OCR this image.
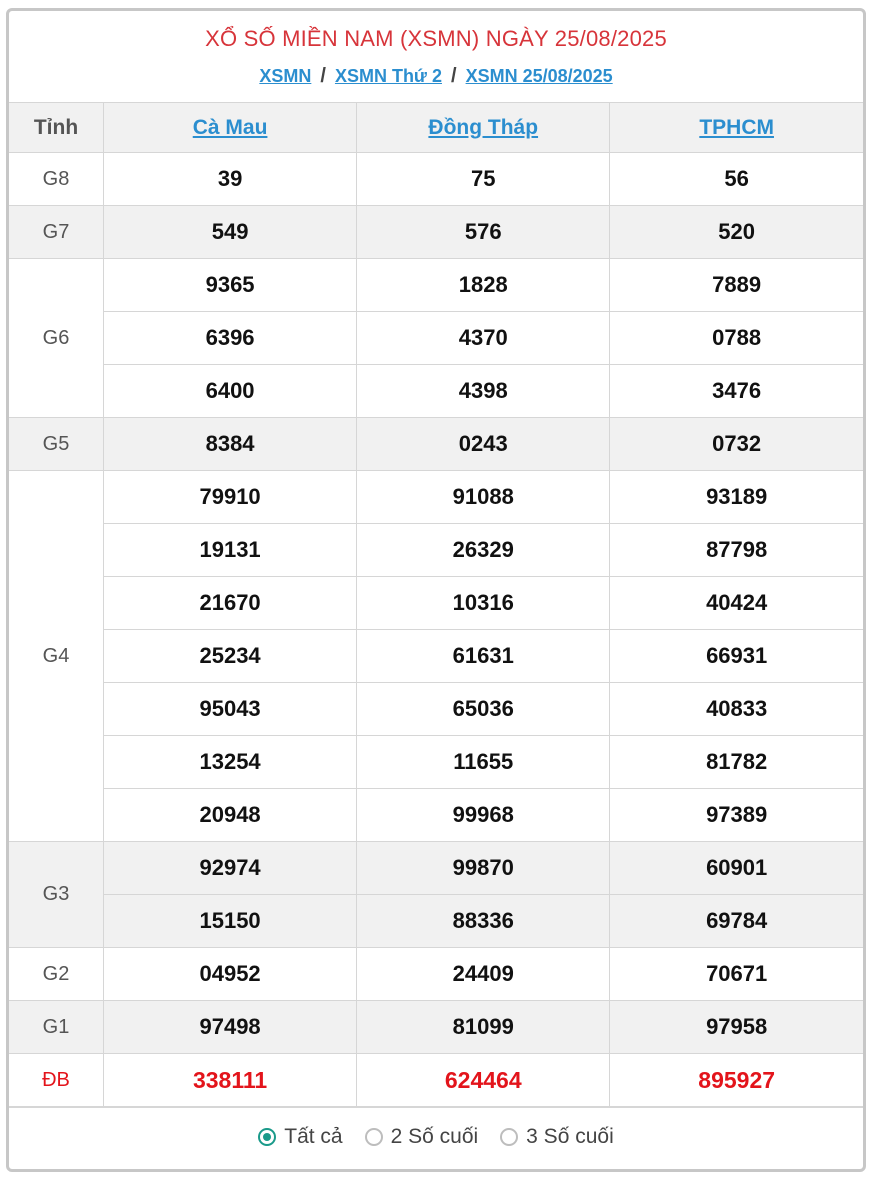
XỔ SỐ MIỀN NAM (XSMN) NGÀY 25/08/2025
XSMN / XSMN Thứ 2 / XSMN 25/08/2025
Tỉnh	Cà Mau	Đồng Tháp	TPHCM
G8	39	75	56
G7	549	576	520
G6	9365	1828	7889
	6396	4370	0788
	6400	4398	3476
G5	8384	0243	0732
G4	79910	91088	93189
	19131	26329	87798
	21670	10316	40424
	25234	61631	66931
	95043	65036	40833
	13254	11655	81782
	20948	99968	97389
G3	92974	99870	60901
	15150	88336	69784
G2	04952	24409	70671
G1	97498	81099	97958
ĐB	338111	624464	895927
Tất cả 2 Số cuối 3 Số cuối
